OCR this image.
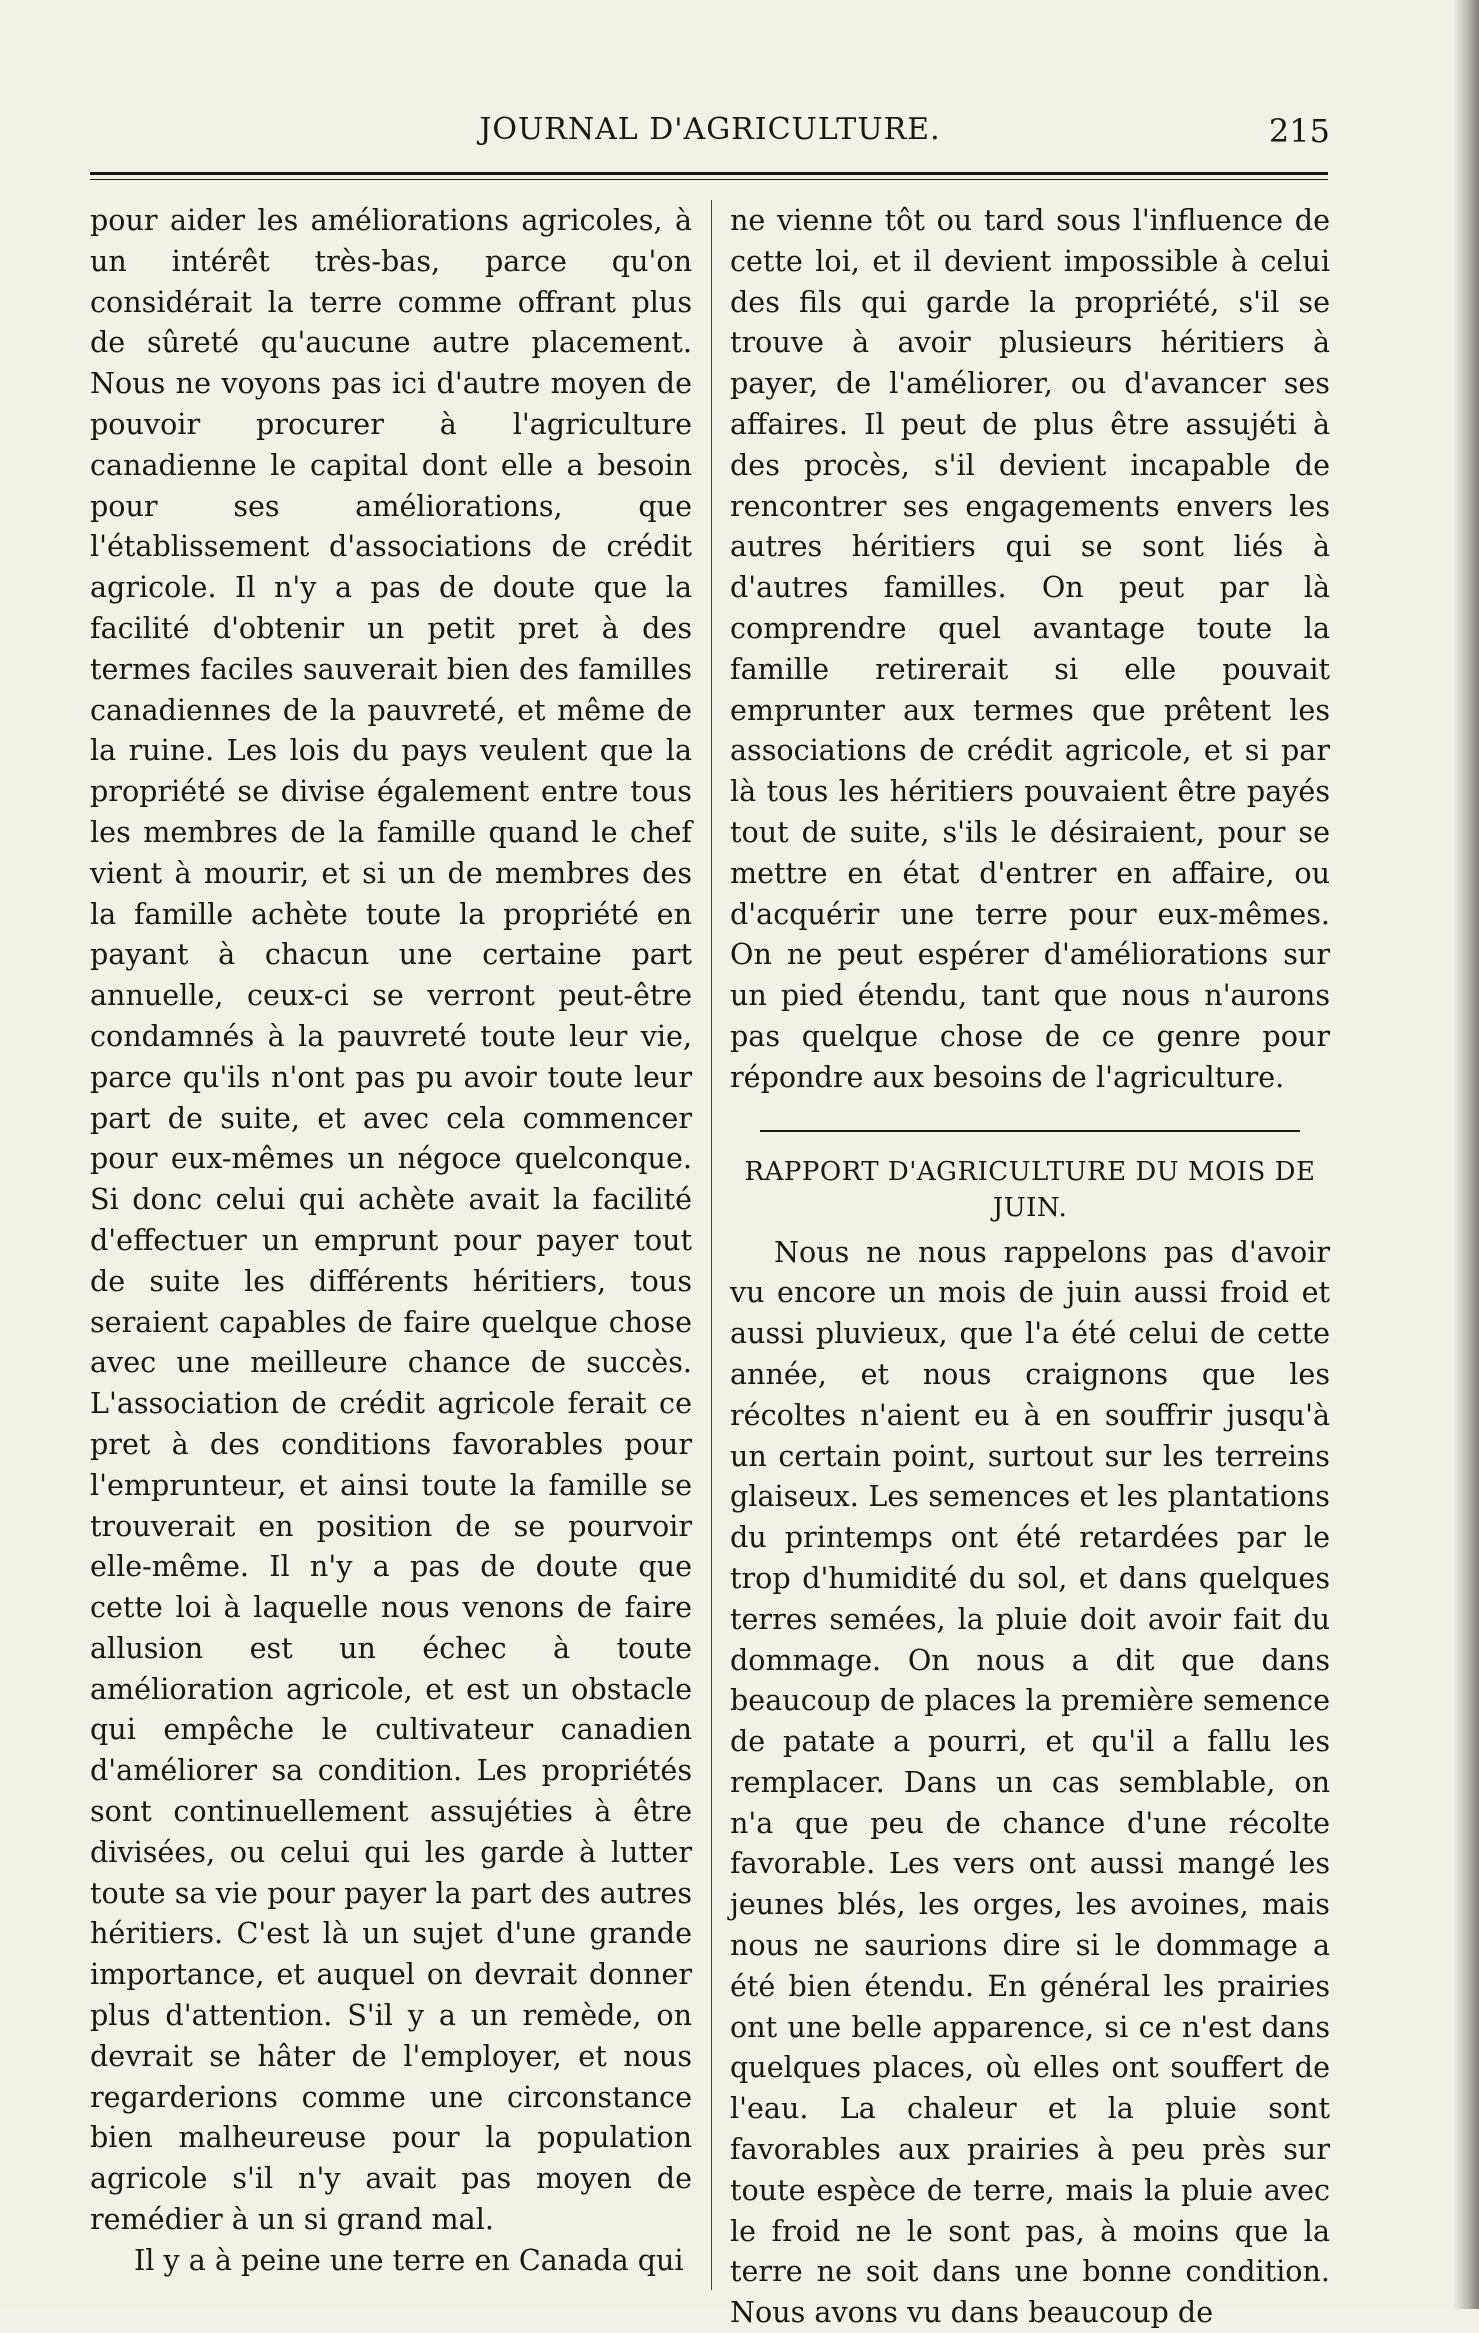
JOURNAL D'AGRICULTURE.	215

pour aider les améliorations agricoles, à un intérêt très-bas, parce qu'on considérait la terre comme offrant plus de sûreté qu'aucune autre placement. Nous ne voyons pas ici d'autre moyen de pouvoir procurer à l'agriculture canadienne le capital dont elle a besoin pour ses améliorations, que l'établissement d'associations de crédit agricole. Il n'y a pas de doute que la facilité d'obtenir un petit pret à des termes faciles sauverait bien des familles canadiennes de la pauvreté, et même de la ruine. Les lois du pays veulent que la propriété se divise également entre tous les membres de la famille quand le chef vient à mourir, et si un de membres des la famille achète toute la propriété en payant à chacun une certaine part annuelle, ceux-ci se verront peut-être condamnés à la pauvreté toute leur vie, parce qu'ils n'ont pas pu avoir toute leur part de suite, et avec cela commencer pour eux-mêmes un négoce quelconque. Si donc celui qui achète avait la facilité d'effectuer un emprunt pour payer tout de suite les différents héritiers, tous seraient capables de faire quelque chose avec une meilleure chance de succès. L'association de crédit agricole ferait ce pret à des conditions favorables pour l'emprunteur, et ainsi toute la famille se trouverait en position de se pourvoir elle-même. Il n'y a pas de doute que cette loi à laquelle nous venons de faire allusion est un échec à toute amélioration agricole, et est un obstacle qui empêche le cultivateur canadien d'améliorer sa condition. Les propriétés sont continuellement assujéties à être divisées, ou celui qui les garde à lutter toute sa vie pour payer la part des autres héritiers. C'est là un sujet d'une grande importance, et auquel on devrait donner plus d'attention. S'il y a un remède, on devrait se hâter de l'employer, et nous regarderions comme une circonstance bien malheureuse pour la population agricole s'il n'y avait pas moyen de remédier à un si grand mal.

Il y a à peine une terre en Canada qui

ne vienne tôt ou tard sous l'influence de cette loi, et il devient impossible à celui des fils qui garde la propriété, s'il se trouve à avoir plusieurs héritiers à payer, de l'améliorer, ou d'avancer ses affaires. Il peut de plus être assujéti à des procès, s'il devient incapable de rencontrer ses engagements envers les autres héritiers qui se sont liés à d'autres familles. On peut par là comprendre quel avantage toute la famille retirerait si elle pouvait emprunter aux termes que prêtent les associations de crédit agricole, et si par là tous les héritiers pouvaient être payés tout de suite, s'ils le désiraient, pour se mettre en état d'entrer en affaire, ou d'acquérir une terre pour eux-mêmes. On ne peut espérer d'améliorations sur un pied étendu, tant que nous n'aurons pas quelque chose de ce genre pour répondre aux besoins de l'agriculture.

RAPPORT D'AGRICULTURE DU MOIS DE JUIN.

Nous ne nous rappelons pas d'avoir vu encore un mois de juin aussi froid et aussi pluvieux, que l'a été celui de cette année, et nous craignons que les récoltes n'aient eu à en souffrir jusqu'à un certain point, surtout sur les terreins glaiseux. Les semences et les plantations du printemps ont été retardées par le trop d'humidité du sol, et dans quelques terres semées, la pluie doit avoir fait du dommage. On nous a dit que dans beaucoup de places la première semence de patate a pourri, et qu'il a fallu les remplacer. Dans un cas semblable, on n'a que peu de chance d'une récolte favorable. Les vers ont aussi mangé les jeunes blés, les orges, les avoines, mais nous ne saurions dire si le dommage a été bien étendu. En général les prairies ont une belle apparence, si ce n'est dans quelques places, où elles ont souffert de l'eau. La chaleur et la pluie sont favorables aux prairies à peu près sur toute espèce de terre, mais la pluie avec le froid ne le sont pas, à moins que la terre ne soit dans une bonne condition. Nous avons vu dans beaucoup de
